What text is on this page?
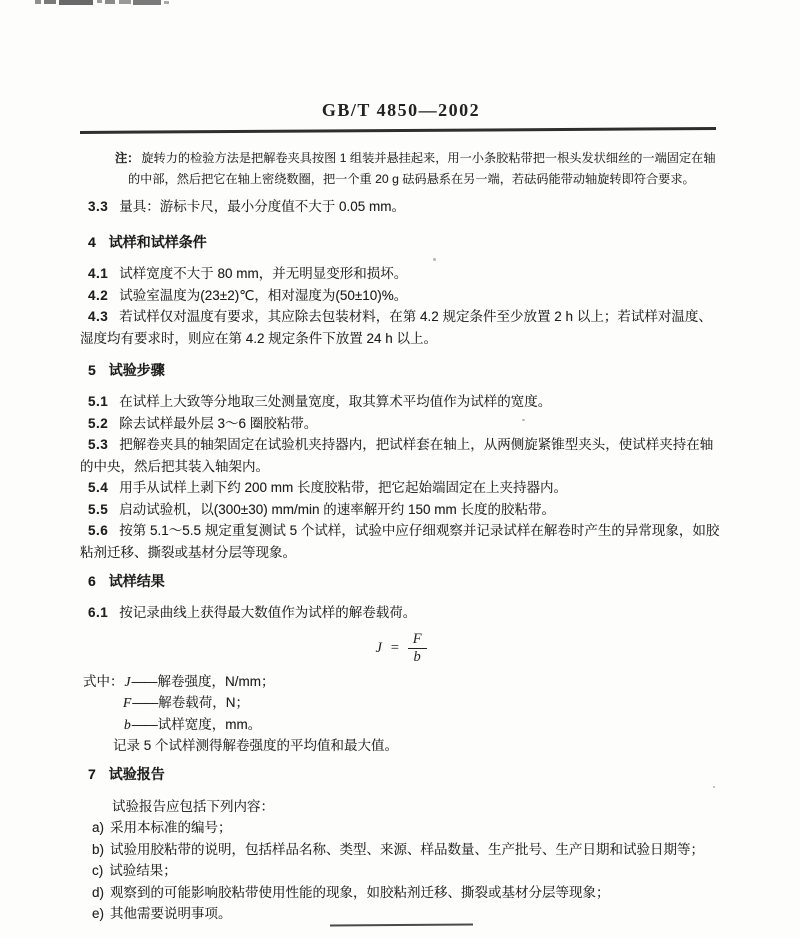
GB/T 4850—2002

注： 旋转力的检验方法是把解卷夹具按图 1 组装并悬挂起来，用一小条胶粘带把一根头发状细丝的一端固定在轴的中部，然后把它在轴上密绕数圈，把一个重 20 g 砝码悬系在另一端，若砝码能带动轴旋转即符合要求。

3.3 量具：游标卡尺，最小分度值不大于 0.05 mm。

4 试样和试样条件

4.1 试样宽度不大于 80 mm，并无明显变形和损坏。

4.2 试验室温度为(23±2)℃，相对湿度为(50±10)%。

4.3 若试样仅对温度有要求，其应除去包装材料，在第 4.2 规定条件至少放置 2 h 以上；若试样对温度、湿度均有要求时，则应在第 4.2 规定条件下放置 24 h 以上。

5 试验步骤

5.1 在试样上大致等分地取三处测量宽度，取其算术平均值作为试样的宽度。

5.2 除去试样最外层 3～6 圈胶粘带。

5.3 把解卷夹具的轴架固定在试验机夹持器内，把试样套在轴上，从两侧旋紧锥型夹头，使试样夹持在轴的中央，然后把其装入轴架内。

5.4 用手从试样上剥下约 200 mm 长度胶粘带，把它起始端固定在上夹持器内。

5.5 启动试验机，以(300±30) mm/min 的速率解开约 150 mm 长度的胶粘带。

5.6 按第 5.1～5.5 规定重复测试 5 个试样，试验中应仔细观察并记录试样在解卷时产生的异常现象，如胶粘剂迁移、撕裂或基材分层等现象。

6 试样结果

6.1 按记录曲线上获得最大数值作为试样的解卷载荷。

$J = \frac{F}{b}$

式中：J——解卷强度，N/mm；

F——解卷载荷，N；

b——试样宽度，mm。

记录 5 个试样测得解卷强度的平均值和最大值。

7 试验报告

试验报告应包括下列内容：

a) 采用本标准的编号；

b) 试验用胶粘带的说明，包括样品名称、类型、来源、样品数量、生产批号、生产日期和试验日期等；

c) 试验结果；

d) 观察到的可能影响胶粘带使用性能的现象，如胶粘剂迁移、撕裂或基材分层等现象；

e) 其他需要说明事项。
